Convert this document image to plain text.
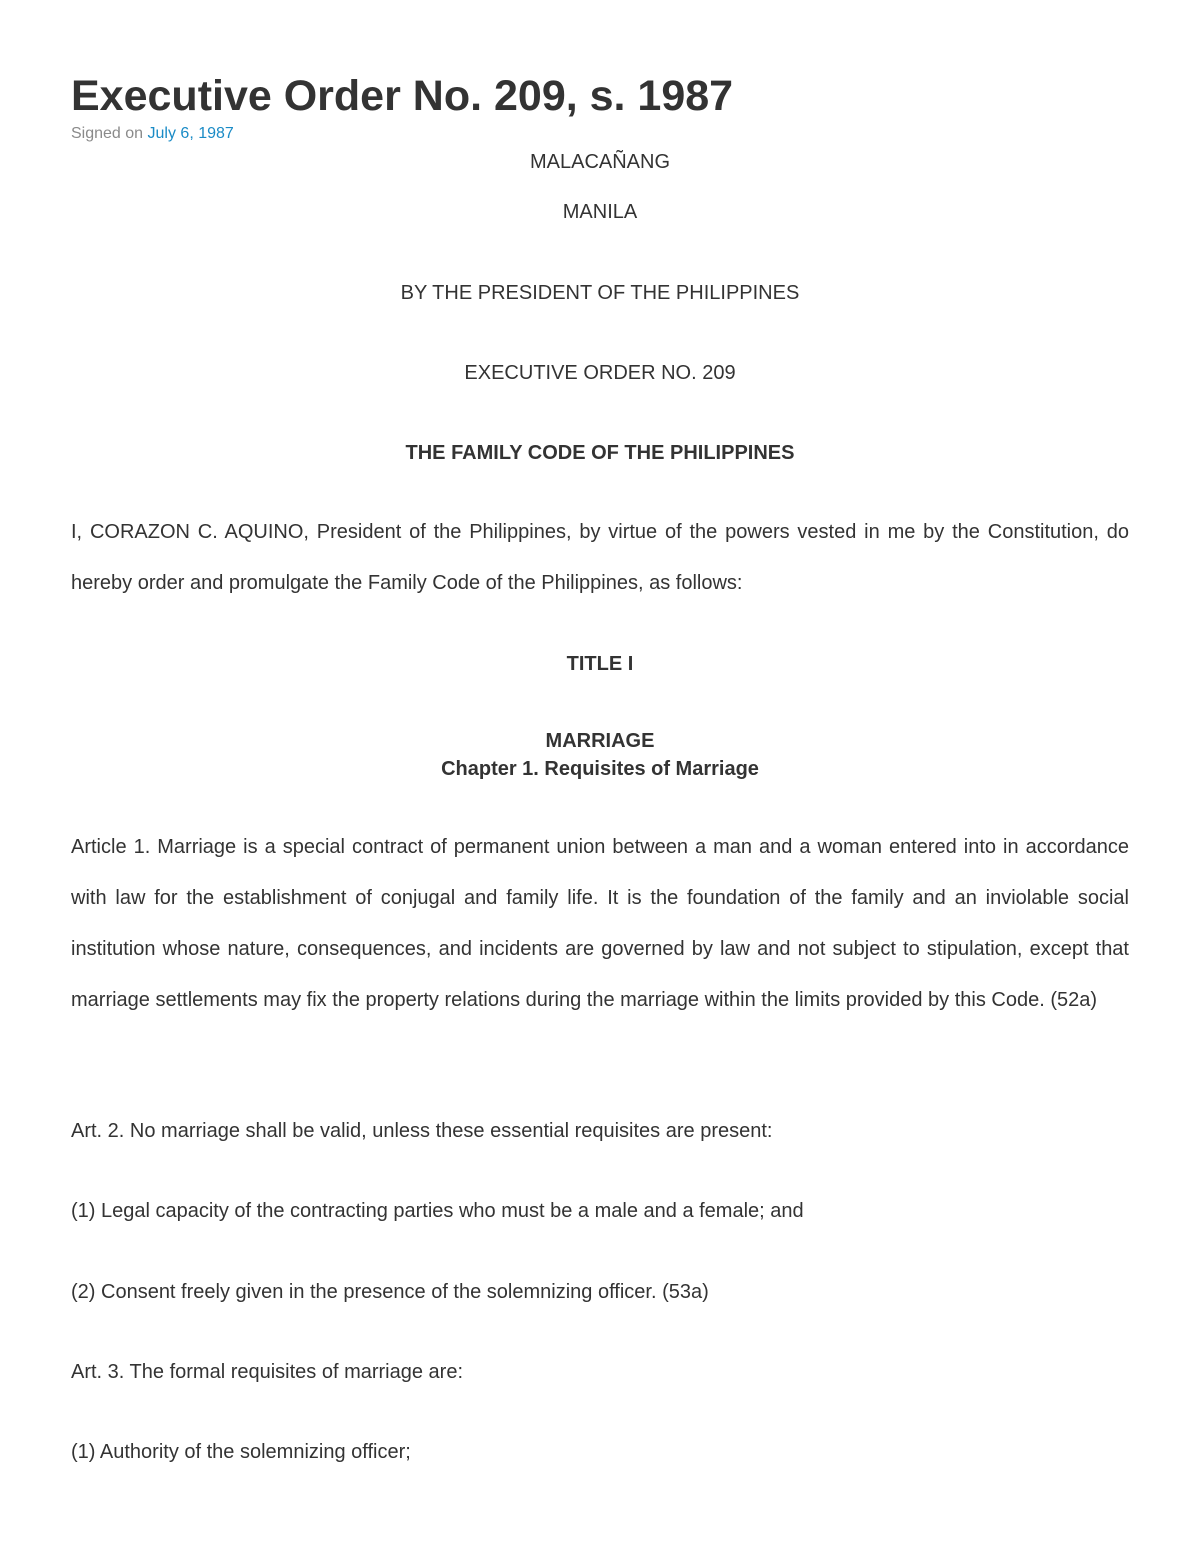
Executive Order No. 209, s. 1987
Signed on July 6, 1987

MALACAÑANG

MANILA

BY THE PRESIDENT OF THE PHILIPPINES

EXECUTIVE ORDER NO. 209

THE FAMILY CODE OF THE PHILIPPINES

I, CORAZON C. AQUINO, President of the Philippines, by virtue of the powers vested in me by the Constitution, do hereby order and promulgate the Family Code of the Philippines, as follows:

TITLE I

MARRIAGE

Chapter 1. Requisites of Marriage

Article 1. Marriage is a special contract of permanent union between a man and a woman entered into in accordance with law for the establishment of conjugal and family life. It is the foundation of the family and an inviolable social institution whose nature, consequences, and incidents are governed by law and not subject to stipulation, except that marriage settlements may fix the property relations during the marriage within the limits provided by this Code. (52a)

Art. 2. No marriage shall be valid, unless these essential requisites are present:

(1) Legal capacity of the contracting parties who must be a male and a female; and

(2) Consent freely given in the presence of the solemnizing officer. (53a)

Art. 3. The formal requisites of marriage are:

(1) Authority of the solemnizing officer;
